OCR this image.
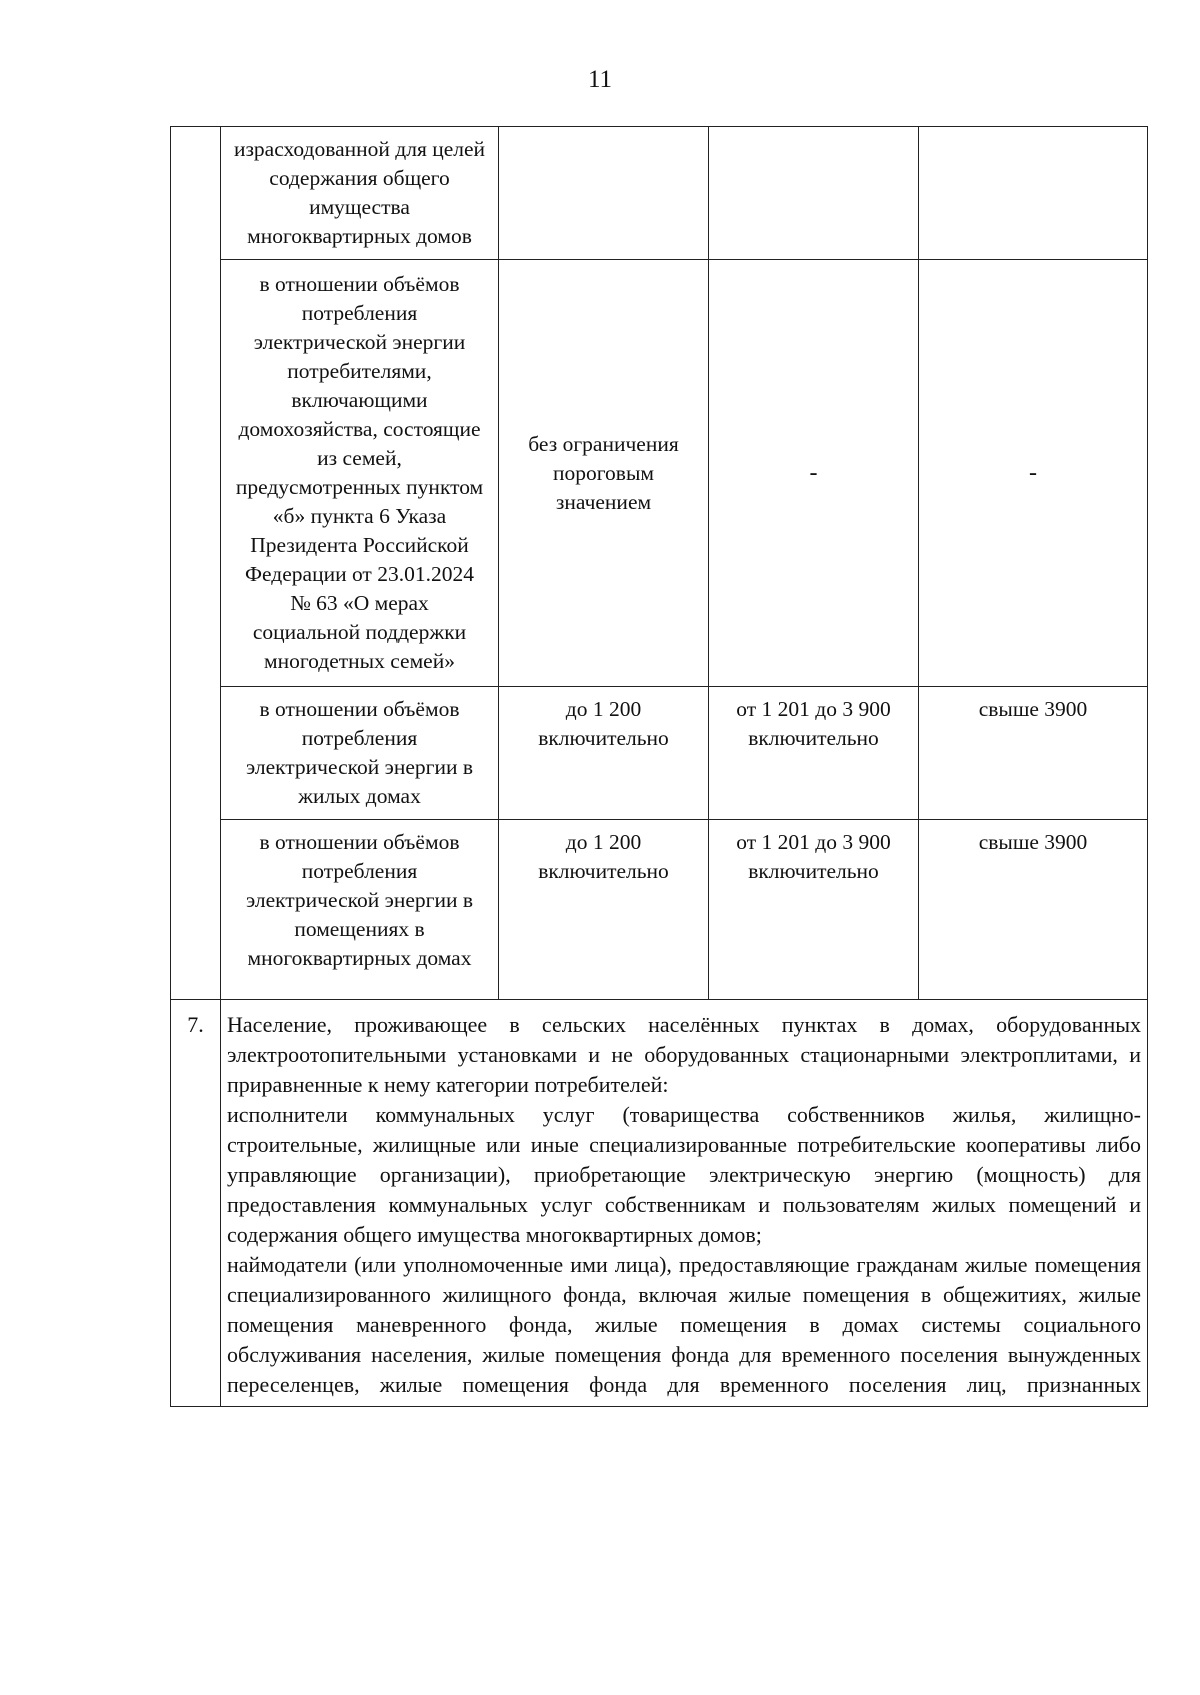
11
	израсходованной для целей содержания общего имущества многоквартирных домов			
	в отношении объёмов потребления электрической энергии потребителями, включающими домохозяйства, состоящие из семей, предусмотренных пунктом «б» пункта 6 Указа Президента Российской Федерации от 23.01.2024 № 63 «О мерах социальной поддержки многодетных семей»	без ограничения пороговым значением	-	-
	в отношении объёмов потребления электрической энергии в жилых домах	до 1 200 включительно	от 1 201 до 3 900 включительно	свыше 3900
	в отношении объёмов потребления электрической энергии в помещениях в многоквартирных домах	до 1 200 включительно	от 1 201 до 3 900 включительно	свыше 3900
7.	Население, проживающее в сельских населённых пунктах в домах, оборудованных электроотопительными установками и не оборудованных стационарными электроплитами, и приравненные к нему категории потребителей:
исполнители коммунальных услуг (товарищества собственников жилья, жилищно-строительные, жилищные или иные специализированные потребительские кооперативы либо управляющие организации), приобретающие электрическую энергию (мощность) для предоставления коммунальных услуг собственникам и пользователям жилых помещений и содержания общего имущества многоквартирных домов;
наймодатели (или уполномоченные ими лица), предоставляющие гражданам жилые помещения специализированного жилищного фонда, включая жилые помещения в общежитиях, жилые помещения маневренного фонда, жилые помещения в домах системы социального обслуживания населения, жилые помещения фонда для временного поселения вынужденных переселенцев, жилые помещения фонда для временного поселения лиц, признанных			
